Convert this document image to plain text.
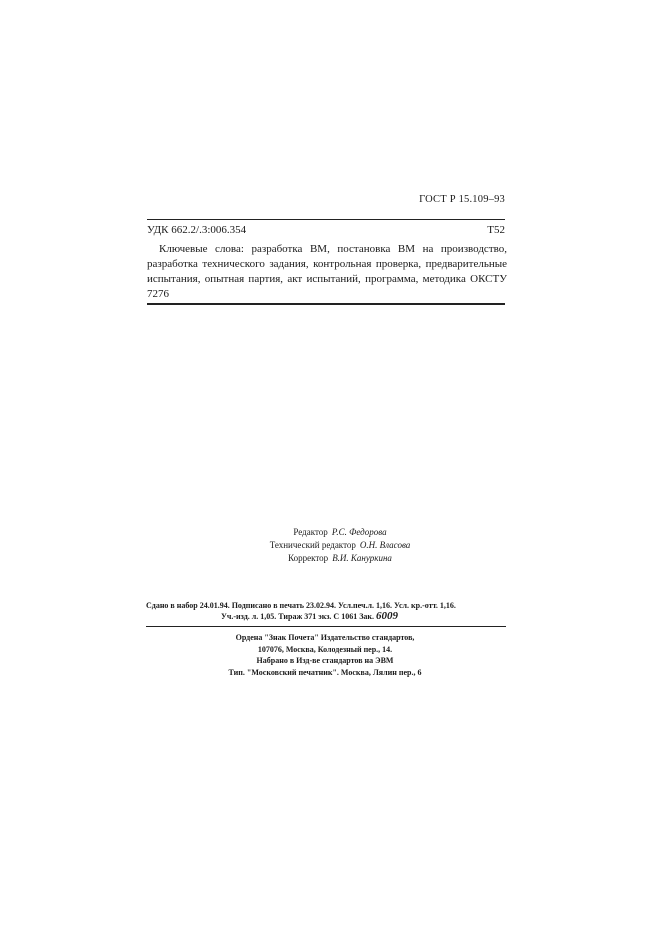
ГОСТ Р 15.109–93
УДК 662.2/.3:006.354	Т52
Ключевые слова: разработка ВМ, постановка ВМ на производство, разработка технического задания, контрольная проверка, предварительные испытания, опытная партия, акт испытаний, программа, методика ОКСТУ 7276
Редактор Р.С. Федорова
Технический редактор О.Н. Власова
Корректор В.И. Кануркина
Сдано в набор 24.01.94. Подписано в печать 23.02.94. Усл.печ.л. 1,16. Усл. кр.-отт. 1,16.
Уч.-изд. л. 1,05. Тираж 371 экз. С 1061 Зак. 6009
Ордена "Знак Почета" Издательство стандартов,
107076, Москва, Колодезный пер., 14.
Набрано в Изд-ве стандартов на ЭВМ
Тип. "Московский печатник". Москва, Лялин пер., 6
